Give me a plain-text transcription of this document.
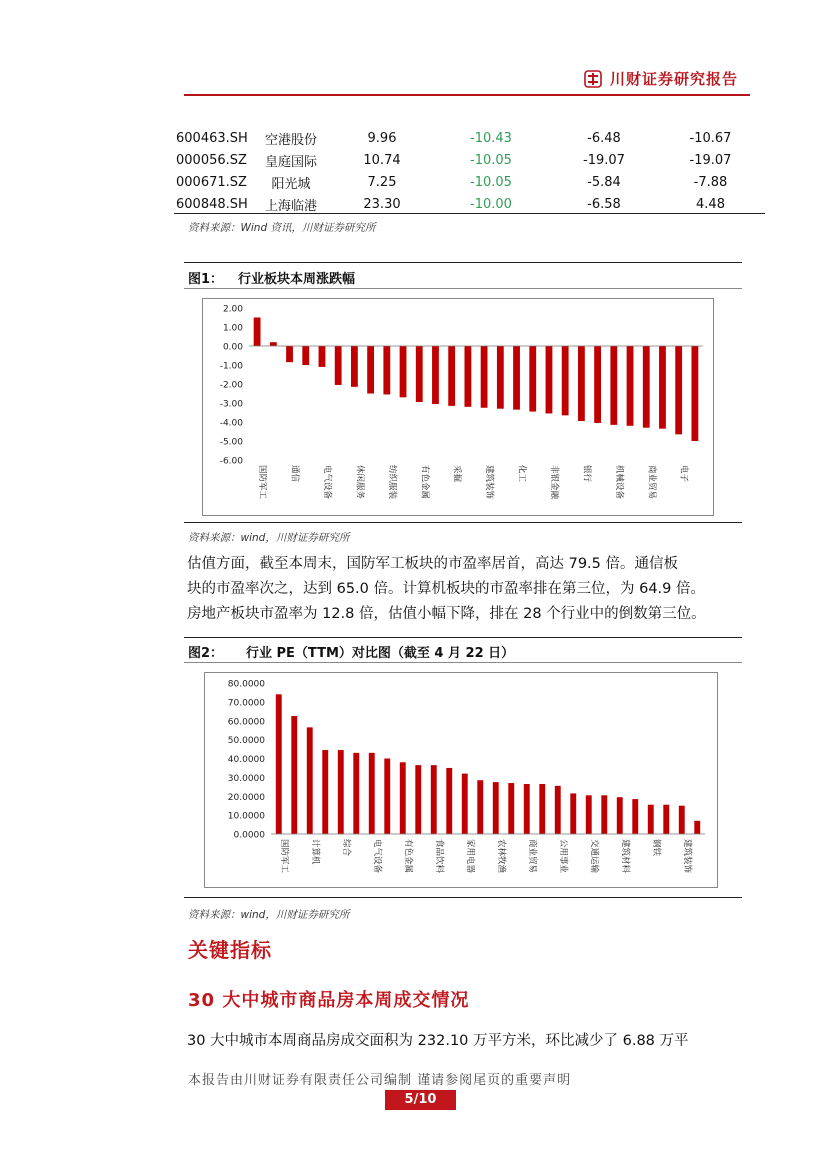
川财证券研究报告
600463.SH	空港股份	9.96	-10.43	-6.48	-10.67
000056.SZ	皇庭国际	10.74	-10.05	-19.07	-19.07
000671.SZ	阳光城	7.25	-10.05	-5.84	-7.88
600848.SH	上海临港	23.30	-10.00	-6.58	4.48
资料来源：Wind 资讯，川财证券研究所
图1： 行业板块本周涨跌幅
2.00
1.00
0.00
-1.00
-2.00
-3.00
-4.00
-5.00
-6.00
国防军工	通信	电气设备	休闲服务	纺织服装	有色金属	采掘	建筑装饰	化工	非银金融	银行	机械设备	商业贸易	电子
资料来源：wind，川财证券研究所
估值方面，截至本周末，国防军工板块的市盈率居首，高达 79.5 倍。通信板
块的市盈率次之，达到 65.0 倍。计算机板块的市盈率排在第三位，为 64.9 倍。
房地产板块市盈率为 12.8 倍，估值小幅下降，排在 28 个行业中的倒数第三位。
图2： 行业 PE（TTM）对比图（截至 4 月 22 日）
80.0000
70.0000
60.0000
50.0000
40.0000
30.0000
20.0000
10.0000
0.0000
国防军工 计算机 综合 电气设备 有色金属 食品饮料 家用电器 农林牧渔 商业贸易 公用事业 交通运输 建筑材料 钢铁 建筑装饰
资料来源：wind，川财证券研究所
关键指标
30 大中城市商品房本周成交情况
30 大中城市本周商品房成交面积为 232.10 万平方米，环比减少了 6.88 万平
本报告由川财证券有限责任公司编制 谨请参阅尾页的重要声明
5/10
